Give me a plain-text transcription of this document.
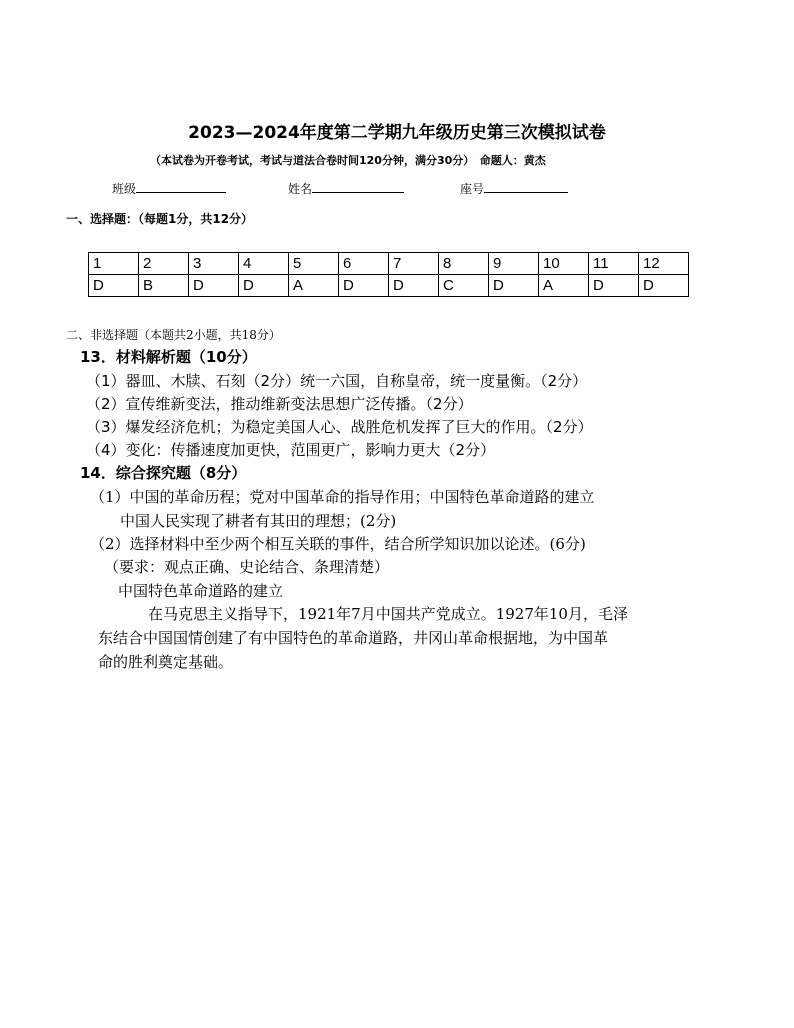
2023—2024年度第二学期九年级历史第三次模拟试卷
（本试卷为开卷考试，考试与道法合卷时间120分钟，满分30分）　命题人：黄杰
班级	姓名	座号
一、选择题：（每题1分，共12分）
1	2	3	4	5	6	7	8	9	10	11	12
D	B	D	D	A	D	D	C	D	A	D	D
二、非选择题（本题共2小题，共18分）
13．材料解析题（10分）
（1）器皿、木牍、石刻（2分）统一六国，自称皇帝，统一度量衡。（2分）
（2）宣传维新变法，推动维新变法思想广泛传播。（2分）
（3）爆发经济危机；为稳定美国人心、战胜危机发挥了巨大的作用。（2分）
（4）变化：传播速度加更快，范围更广，影响力更大（2分）
14．综合探究题（8分）
（1）中国的革命历程；党对中国革命的指导作用；中国特色革命道路的建立
中国人民实现了耕者有其田的理想；(2分)
（2）选择材料中至少两个相互关联的事件，结合所学知识加以论述。(6分)
（要求：观点正确、史论结合、条理清楚）
中国特色革命道路的建立
在马克思主义指导下，1921年7月中国共产党成立。1927年10月，毛泽
东结合中国国情创建了有中国特色的革命道路，井冈山革命根据地，为中国革
命的胜利奠定基础。
